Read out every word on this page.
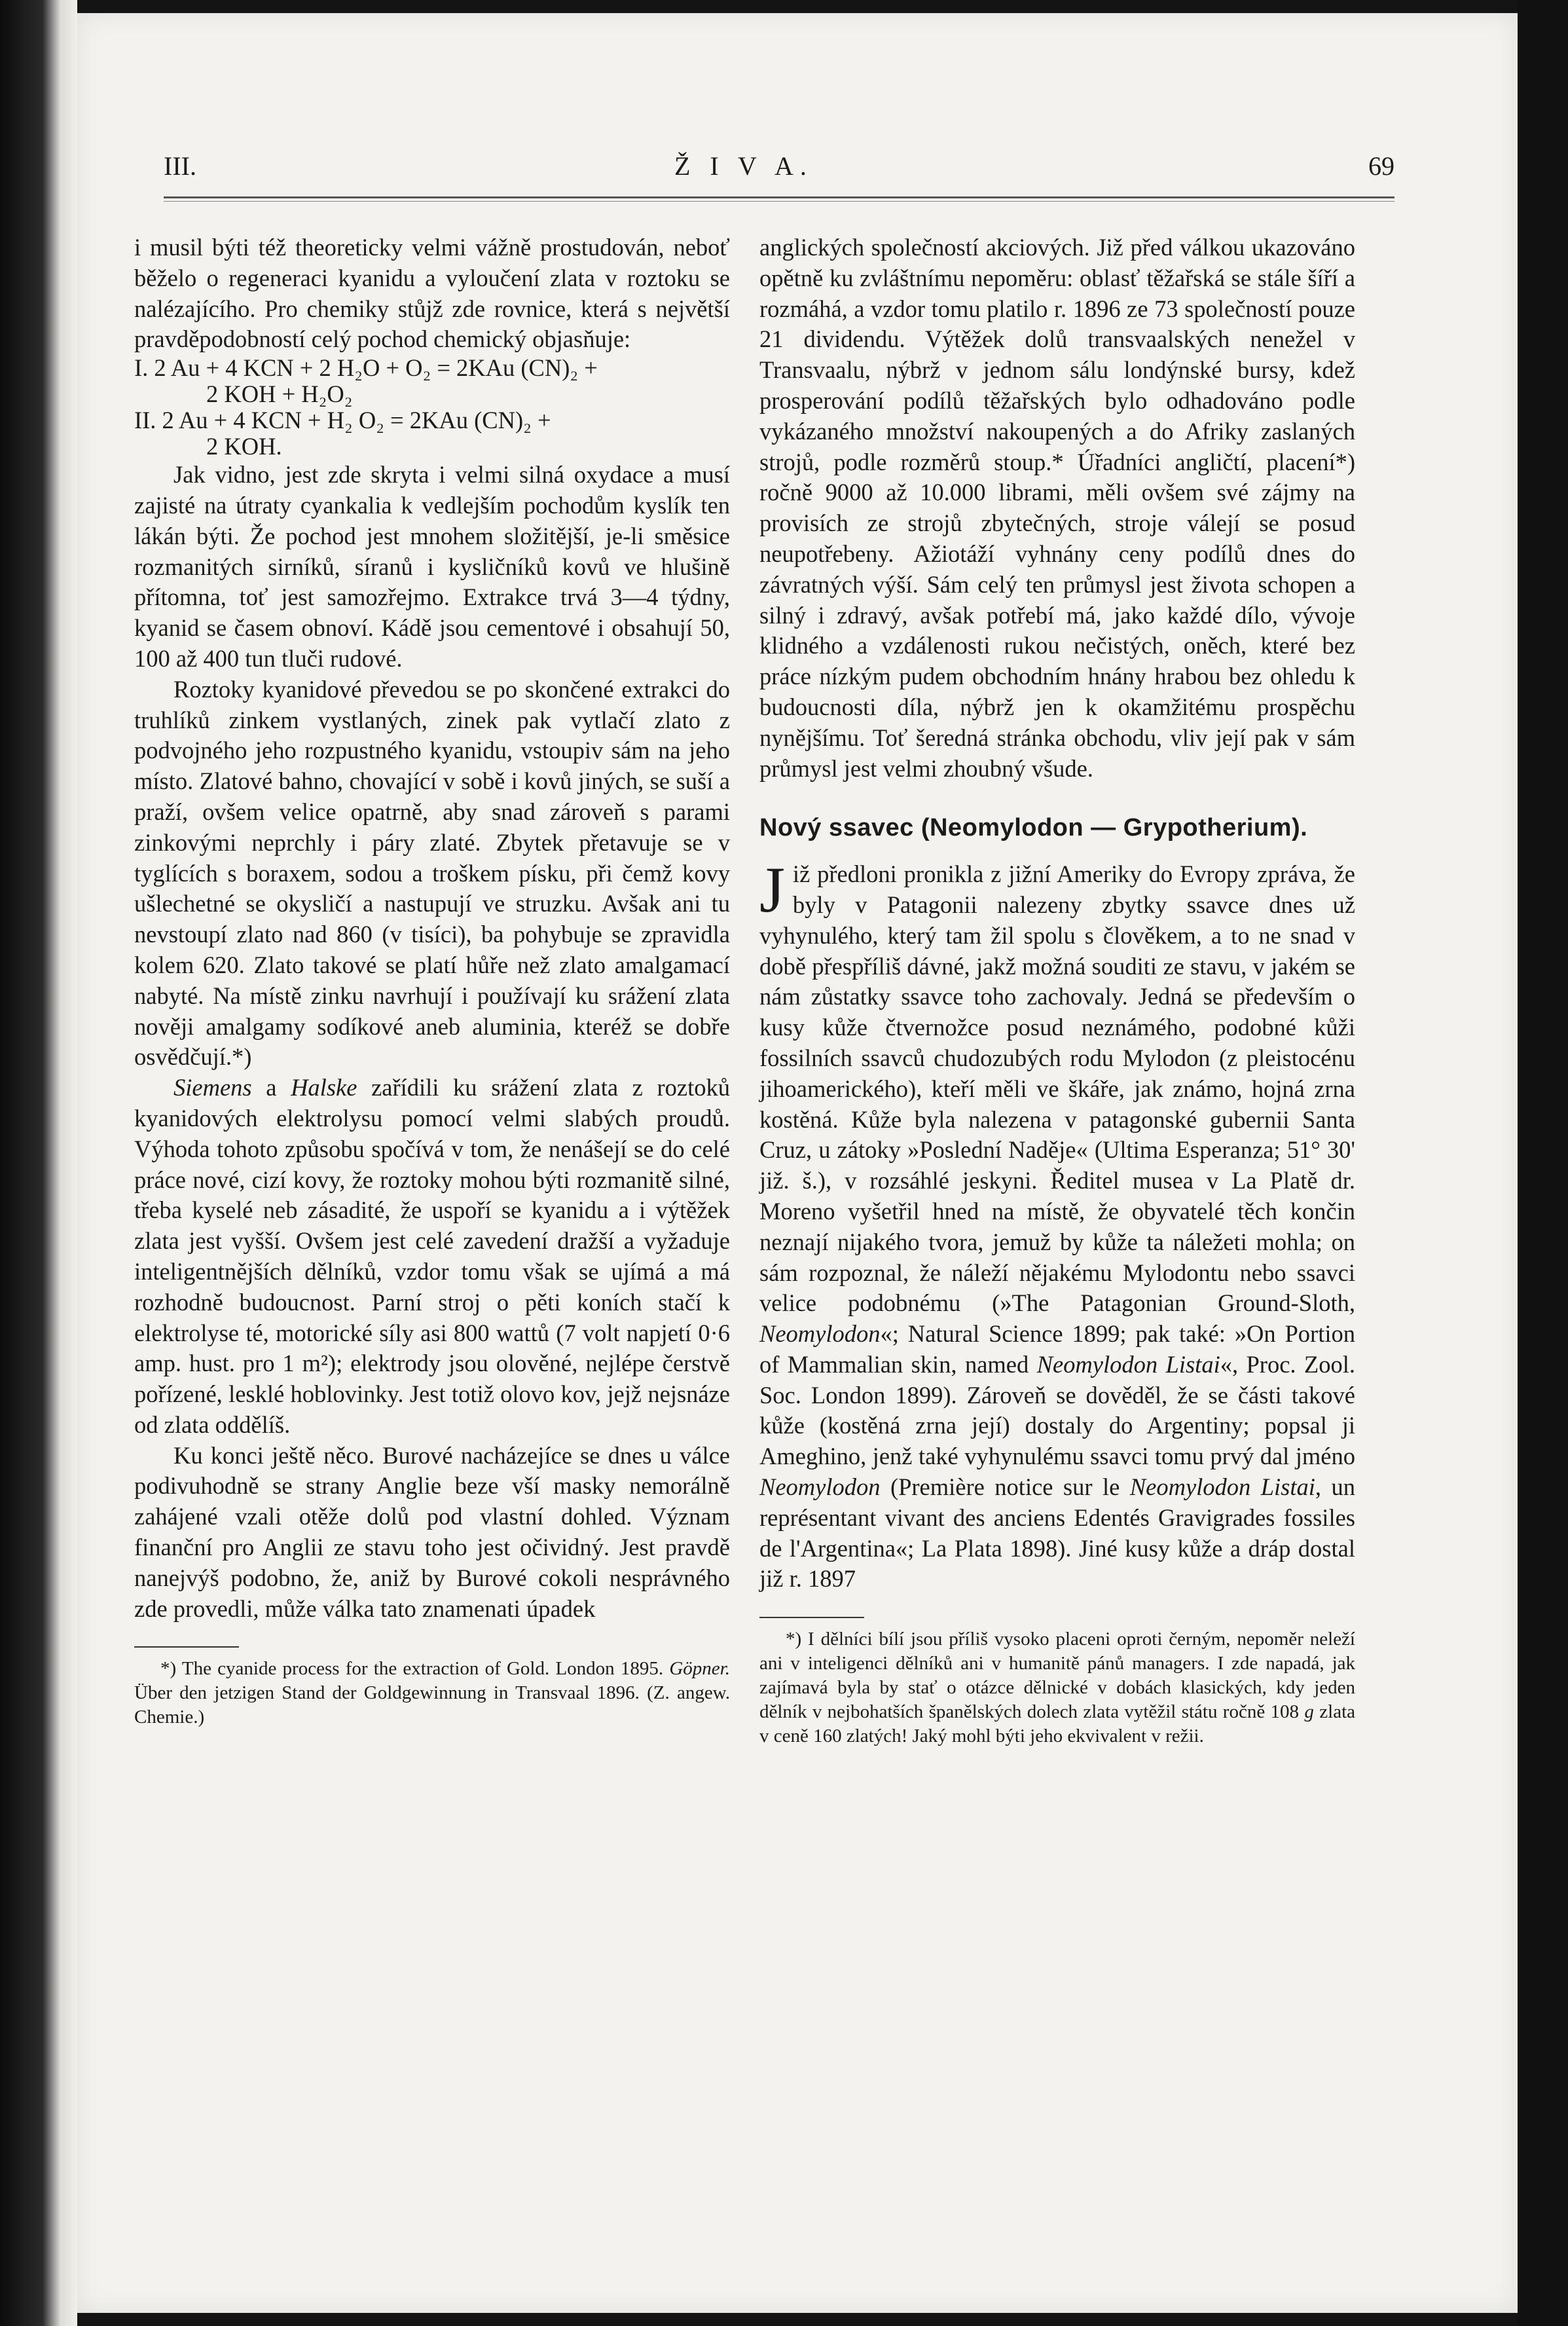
III.	Ž I V A.	69

i musil býti též theoreticky velmi vážně prostudován, neboť běželo o regeneraci kyanidu a vyloučení zlata v roztoku se nalézajícího. Pro chemiky stůjž zde rovnice, která s největší pravděpodobností celý pochod chemický objasňuje:

I. 2 Au + 4 KCN + 2 H₂O + O₂ = 2KAu (CN)₂ +
2 KOH + H₂O₂
II. 2 Au + 4 KCN + H₂ O₂ = 2KAu (CN)₂ +
2 KOH.

Jak vidno, jest zde skryta i velmi silná oxydace a musí zajisté na útraty cyankalia k vedlejším pochodům kyslík ten lákán býti. Že pochod jest mnohem složitější, je-li směsice rozmanitých sirníků, síranů i kysličníků kovů ve hlušině přítomna, toť jest samozřejmo. Extrakce trvá 3—4 týdny, kyanid se časem obnoví. Kádě jsou cementové i obsahují 50, 100 až 400 tun tluči rudové.

Roztoky kyanidové převedou se po skončené extrakci do truhlíků zinkem vystlaných, zinek pak vytlačí zlato z podvojného jeho rozpustného kyanidu, vstoupiv sám na jeho místo. Zlatové bahno, chovající v sobě i kovů jiných, se suší a praží, ovšem velice opatrně, aby snad zároveň s parami zinkovými neprchly i páry zlaté. Zbytek přetavuje se v tyglících s boraxem, sodou a troškem písku, při čemž kovy ušlechetné se okysličí a nastupují ve struzku. Avšak ani tu nevstoupí zlato nad 860 (v tisíci), ba pohybuje se zpravidla kolem 620. Zlato takové se platí hůře než zlato amalgamací nabyté. Na místě zinku navrhují i používají ku srážení zlata nověji amalgamy sodíkové aneb aluminia, kteréž se dobře osvědčují.*)

Siemens a Halske zařídili ku srážení zlata z roztoků kyanidových elektrolysu pomocí velmi slabých proudů. Výhoda tohoto způsobu spočívá v tom, že nenášejí se do celé práce nové, cizí kovy, že roztoky mohou býti rozmanitě silné, třeba kyselé neb zásadité, že uspoří se kyanidu a i výtěžek zlata jest vyšší. Ovšem jest celé zavedení dražší a vyžaduje inteligentnějších dělníků, vzdor tomu však se ujímá a má rozhodně budoucnost. Parní stroj o pěti koních stačí k elektrolyse té, motorické síly asi 800 wattů (7 volt napjetí 0·6 amp. hust. pro 1 m²); elektrody jsou olověné, nejlépe čerstvě pořízené, lesklé hoblovinky. Jest totiž olovo kov, jejž nejsnáze od zlata oddělíš.

Ku konci ještě něco. Burové nacházejíce se dnes u válce podivuhodně se strany Anglie beze vší masky nemorálně zahájené vzali otěže dolů pod vlastní dohled. Význam finanční pro Anglii ze stavu toho jest očividný. Jest pravdě nanejvýš podobno, že, aniž by Burové cokoli nesprávného zde provedli, může válka tato znamenati úpadek

*) The cyanide process for the extraction of Gold. London 1895. Göpner. Über den jetzigen Stand der Goldgewinnung in Transvaal 1896. (Z. angew. Chemie.)

anglických společností akciových. Již před válkou ukazováno opětně ku zvláštnímu nepoměru: oblasť těžařská se stále šíří a rozmáhá, a vzdor tomu platilo r. 1896 ze 73 společností pouze 21 dividendu. Výtěžek dolů transvaalských nenežel v Transvaalu, nýbrž v jednom sálu londýnské bursy, kdež prosperování podílů těžařských bylo odhadováno podle vykázaného množství nakoupených a do Afriky zaslaných strojů, podle rozměrů stoup.* Úřadníci angličtí, placení*) ročně 9000 až 10.000 librami, měli ovšem své zájmy na provisích ze strojů zbytečných, stroje válejí se posud neupotřebeny. Ažiotáží vyhnány ceny podílů dnes do závratných výší. Sám celý ten průmysl jest života schopen a silný i zdravý, avšak potřebí má, jako každé dílo, vývoje klidného a vzdálenosti rukou nečistých, oněch, které bez práce nízkým pudem obchodním hnány hrabou bez ohledu k budoucnosti díla, nýbrž jen k okamžitému prospěchu nynějšímu. Toť šeredná stránka obchodu, vliv její pak v sám průmysl jest velmi zhoubný všude.

Nový ssavec (Neomylodon — Grypotherium).

Již předloni pronikla z jižní Ameriky do Evropy zpráva, že byly v Patagonii nalezeny zbytky ssavce dnes už vyhynulého, který tam žil spolu s člověkem, a to ne snad v době přespříliš dávné, jakž možná souditi ze stavu, v jakém se nám zůstatky ssavce toho zachovaly. Jedná se především o kusy kůže čtvernožce posud neznámého, podobné kůži fossilních ssavců chudozubých rodu Mylodon (z pleistocénu jihoamerického), kteří měli ve škáře, jak známo, hojná zrna kostěná. Kůže byla nalezena v patagonské gubernii Santa Cruz, u zátoky »Poslední Naděje« (Ultima Esperanza; 51° 30' již. š.), v rozsáhlé jeskyni. Ředitel musea v La Platě dr. Moreno vyšetřil hned na místě, že obyvatelé těch končin neznají nijakého tvora, jemuž by kůže ta náležeti mohla; on sám rozpoznal, že náleží nějakému Mylodontu nebo ssavci velice podobnému (»The Patagonian Ground-Sloth, Neomylodon«; Natural Science 1899; pak také: »On Portion of Mammalian skin, named Neomylodon Listai«, Proc. Zool. Soc. London 1899). Zároveň se dověděl, že se části takové kůže (kostěná zrna její) dostaly do Argentiny; popsal ji Ameghino, jenž také vyhynulému ssavci tomu prvý dal jméno Neomylodon (Première notice sur le Neomylodon Listai, un représentant vivant des anciens Edentés Gravigrades fossiles de l'Argentina«; La Plata 1898). Jiné kusy kůže a dráp dostal již r. 1897

*) I dělníci bílí jsou příliš vysoko placeni oproti černým, nepoměr neleží ani v inteligenci dělníků ani v humanitě pánů managers. I zde napadá, jak zajímavá byla by stať o otázce dělnické v dobách klasických, kdy jeden dělník v nejbohatších španělských dolech zlata vytěžil státu ročně 108 g zlata v ceně 160 zlatých! Jaký mohl býti jeho ekvivalent v režii.
